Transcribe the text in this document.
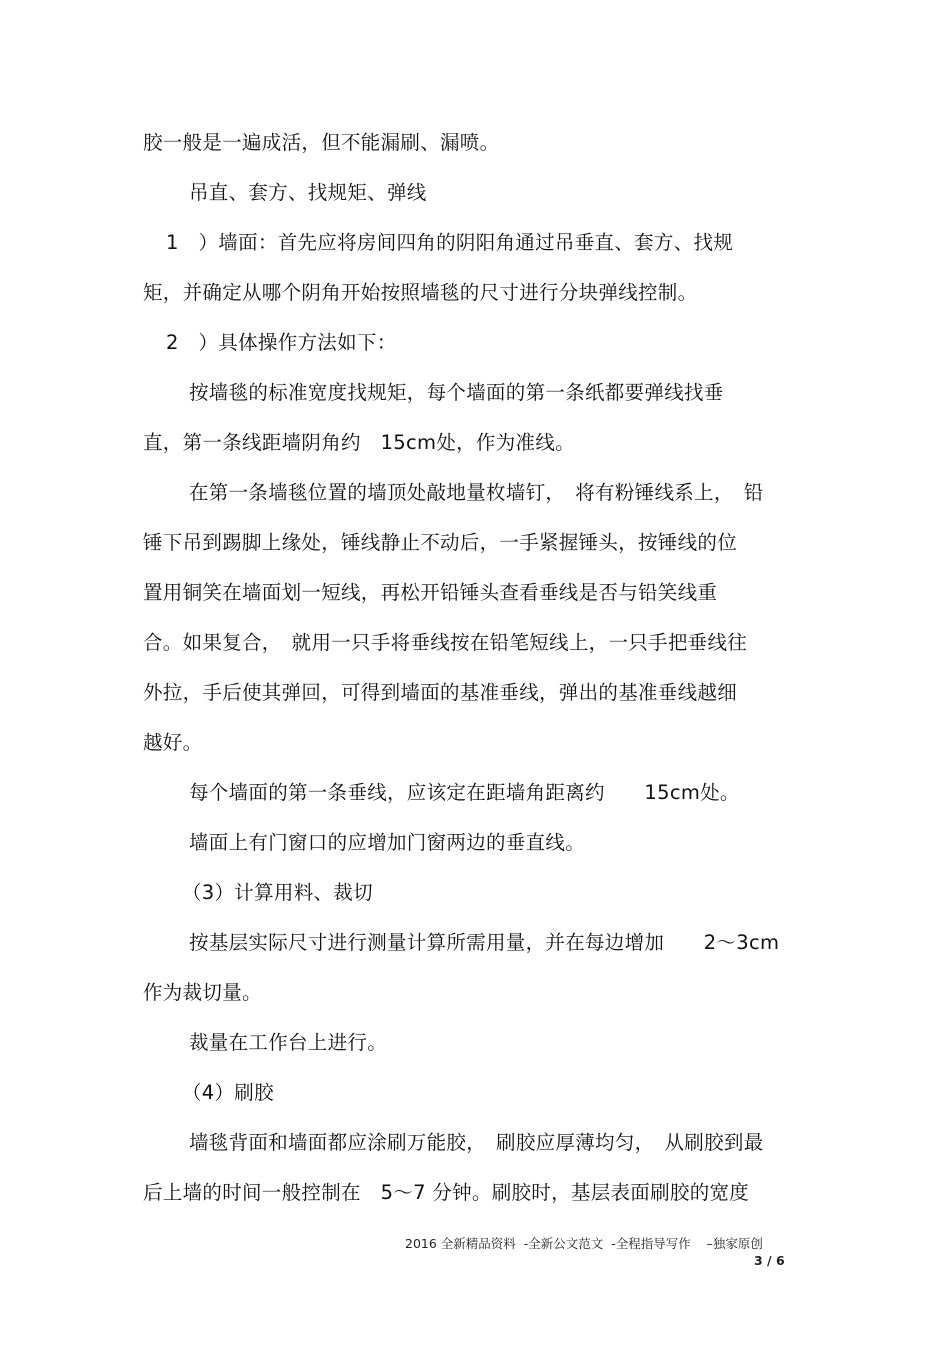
胶一般是一遍成活，但不能漏刷、漏喷。
吊直、套方、找规矩、弹线
1　）墙面：首先应将房间四角的阴阳角通过吊垂直、套方、找规
矩，并确定从哪个阴角开始按照墙毯的尺寸进行分块弹线控制。
2　）具体操作方法如下：
按墙毯的标准宽度找规矩，每个墙面的第一条纸都要弹线找垂
直，第一条线距墙阴角约　15cm处，作为准线。
在第一条墙毯位置的墙顶处敲地量枚墙钉，　将有粉锤线系上，　铅
锤下吊到踢脚上缘处，锤线静止不动后，一手紧握锤头，按锤线的位
置用铜笑在墙面划一短线，再松开铅锤头查看垂线是否与铅笑线重
合。如果复合，　就用一只手将垂线按在铅笔短线上，一只手把垂线往
外拉，手后使其弹回，可得到墙面的基准垂线，弹出的基准垂线越细
越好。
每个墙面的第一条垂线，应该定在距墙角距离约　　15cm处。
墙面上有门窗口的应增加门窗两边的垂直线。
（3）计算用料、裁切
按基层实际尺寸进行测量计算所需用量，并在每边增加　　2～3cm
作为裁切量。
裁量在工作台上进行。
（4）刷胶
墙毯背面和墙面都应涂刷万能胶，　刷胶应厚薄均匀，　从刷胶到最
后上墙的时间一般控制在　5～7 分钟。刷胶时，基层表面刷胶的宽度
2016 全新精品资料  -全新公文范文  -全程指导写作    –独家原创
3 / 6
